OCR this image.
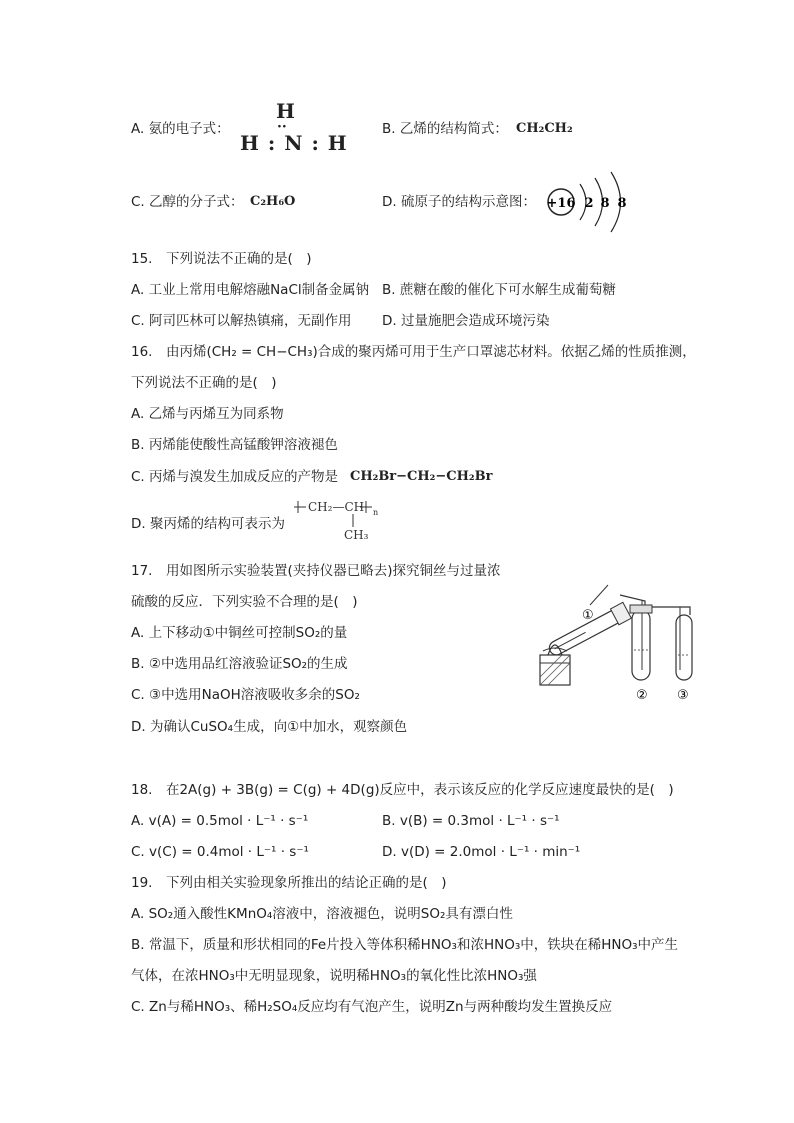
A. 氨的电子式：
H
··
H : N : H
B. 乙烯的结构简式： CH₂CH₂
C. 乙醇的分子式： C₂H₆O	D. 硫原子的结构示意图： +16 2 8 8
15.　下列说法不正确的是(　)
A. 工业上常用电解熔融NaCl制备金属钠 B. 蔗糖在酸的催化下可水解生成葡萄糖
C. 阿司匹林可以解热镇痛，无副作用 D. 过量施肥会造成环境污染
16.　由丙烯(CH₂ = CH−CH₃)合成的聚丙烯可用于生产口罩滤芯材料。依据乙烯的性质推测，
下列说法不正确的是(　)
A. 乙烯与丙烯互为同系物
B. 丙烯能使酸性高锰酸钾溶液褪色
C. 丙烯与溴发生加成反应的产物是 CH₂Br−CH₂−CH₂Br
D. 聚丙烯的结构可表示为
CH₂—CH n
CH₃
17.　用如图所示实验装置(夹持仪器已略去)探究铜丝与过量浓
硫酸的反应．下列实验不合理的是(　)
A. 上下移动①中铜丝可控制SO₂的量
B. ②中选用品红溶液验证SO₂的生成
C. ③中选用NaOH溶液吸收多余的SO₂
D. 为确认CuSO₄生成，向①中加水，观察颜色
①
② ③
18.　在2A(g) + 3B(g) = C(g) + 4D(g)反应中，表示该反应的化学反应速度最快的是(　)
A. v(A) = 0.5mol · L⁻¹ · s⁻¹	B. v(B) = 0.3mol · L⁻¹ · s⁻¹
C. v(C) = 0.4mol · L⁻¹ · s⁻¹	D. v(D) = 2.0mol · L⁻¹ · min⁻¹
19.　下列由相关实验现象所推出的结论正确的是(　)
A. SO₂通入酸性KMnO₄溶液中，溶液褪色，说明SO₂具有漂白性
B. 常温下，质量和形状相同的Fe片投入等体积稀HNO₃和浓HNO₃中，铁块在稀HNO₃中产生
气体，在浓HNO₃中无明显现象，说明稀HNO₃的氧化性比浓HNO₃强
C. Zn与稀HNO₃、稀H₂SO₄反应均有气泡产生，说明Zn与两种酸均发生置换反应
